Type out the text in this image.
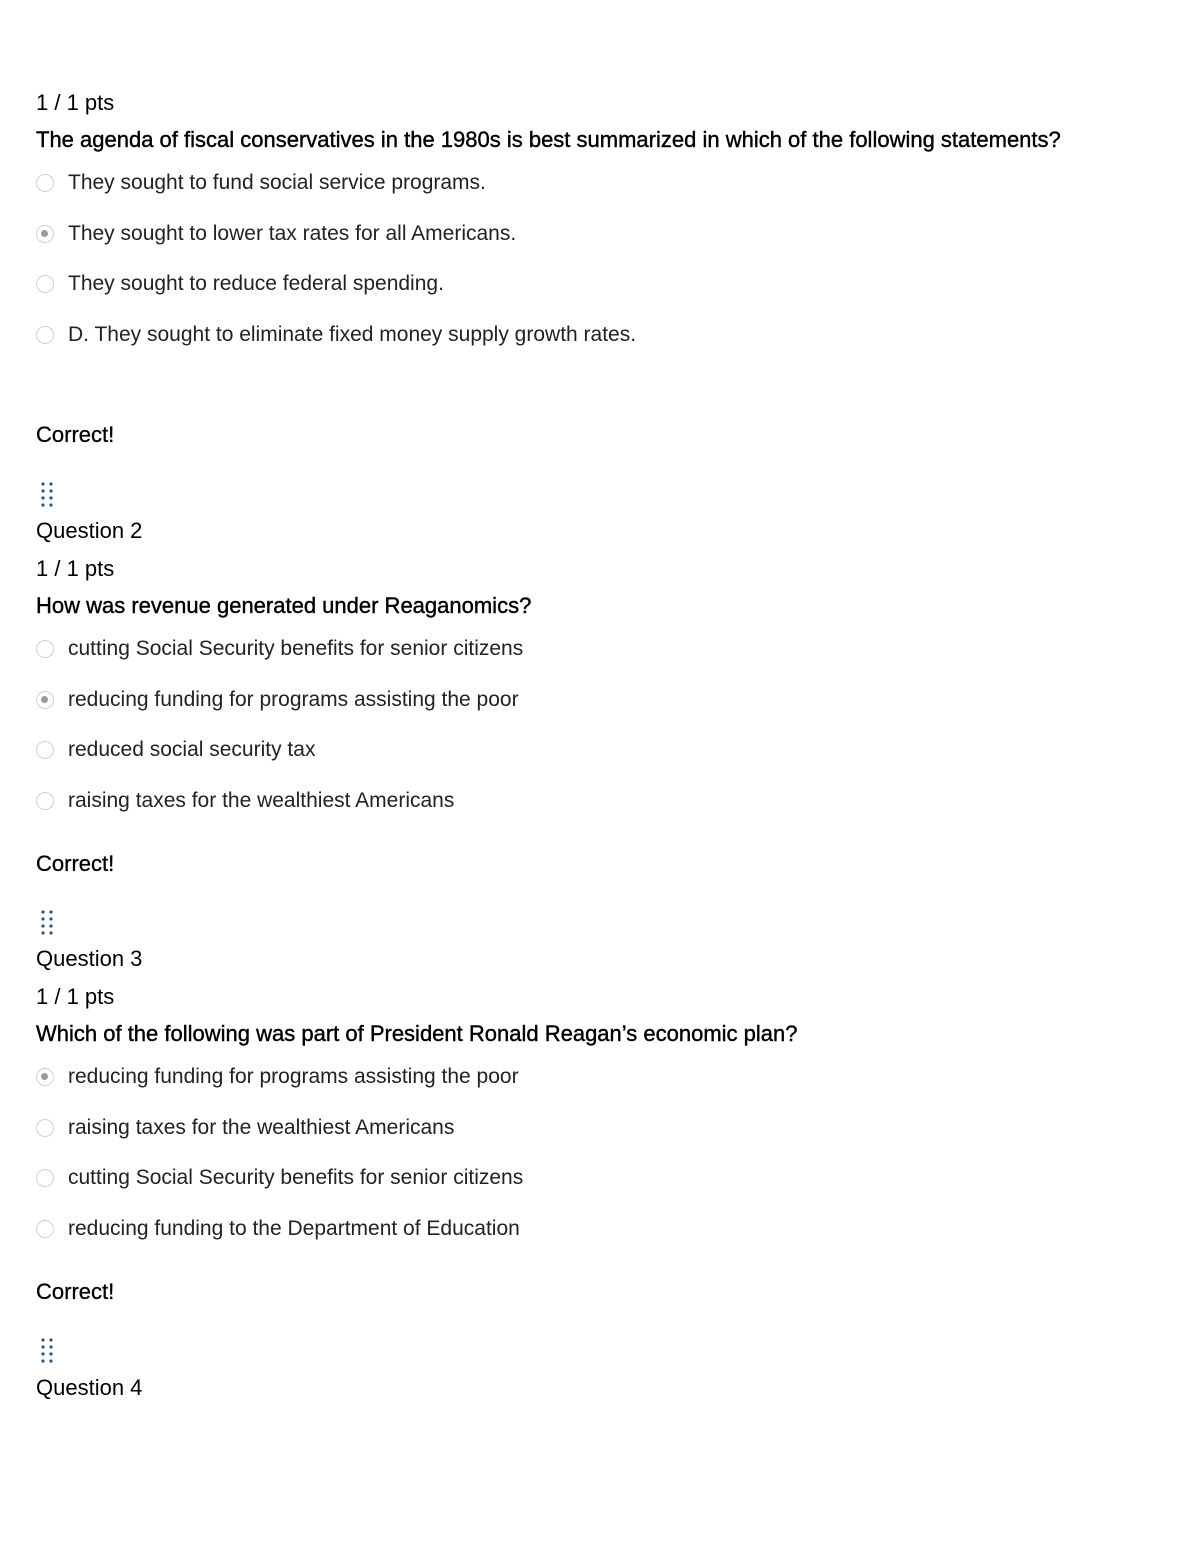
1 / 1 pts
The agenda of fiscal conservatives in the 1980s is best summarized in which of the following statements?
They sought to fund social service programs.
They sought to lower tax rates for all Americans.
They sought to reduce federal spending.
D. They sought to eliminate fixed money supply growth rates.
Correct!
Question 2
1 / 1 pts
How was revenue generated under Reaganomics?
cutting Social Security benefits for senior citizens
reducing funding for programs assisting the poor
reduced social security tax
raising taxes for the wealthiest Americans
Correct!
Question 3
1 / 1 pts
Which of the following was part of President Ronald Reagan’s economic plan?
reducing funding for programs assisting the poor
raising taxes for the wealthiest Americans
cutting Social Security benefits for senior citizens
reducing funding to the Department of Education
Correct!
Question 4
